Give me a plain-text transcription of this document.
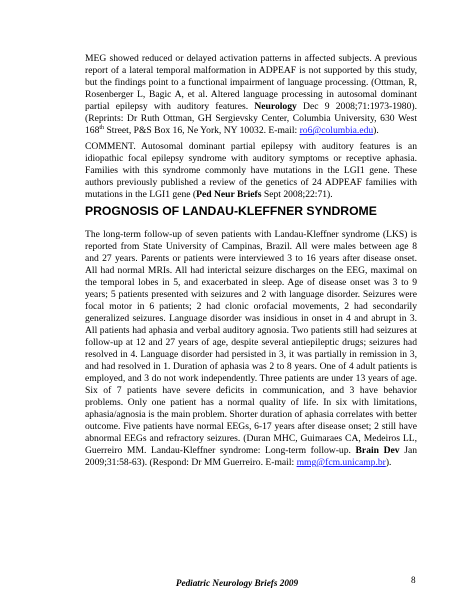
MEG showed reduced or delayed activation patterns in affected subjects. A previous report of a lateral temporal malformation in ADPEAF is not supported by this study, but the findings point to a functional impairment of language processing. (Ottman, R, Rosenberger L, Bagic A, et al. Altered language processing in autosomal dominant partial epilepsy with auditory features. Neurology Dec 9 2008;71:1973-1980). (Reprints: Dr Ruth Ottman, GH Sergievsky Center, Columbia University, 630 West 168th Street, P&S Box 16, Ne York, NY 10032. E-mail: ro6@columbia.edu).

COMMENT. Autosomal dominant partial epilepsy with auditory features is an idiopathic focal epilepsy syndrome with auditory symptoms or receptive aphasia. Families with this syndrome commonly have mutations in the LGI1 gene. These authors previously published a review of the genetics of 24 ADPEAF families with mutations in the LGI1 gene (Ped Neur Briefs Sept 2008;22:71).

PROGNOSIS OF LANDAU-KLEFFNER SYNDROME

The long-term follow-up of seven patients with Landau-Kleffner syndrome (LKS) is reported from State University of Campinas, Brazil. All were males between age 8 and 27 years. Parents or patients were interviewed 3 to 16 years after disease onset. All had normal MRIs. All had interictal seizure discharges on the EEG, maximal on the temporal lobes in 5, and exacerbated in sleep. Age of disease onset was 3 to 9 years; 5 patients presented with seizures and 2 with language disorder. Seizures were focal motor in 6 patients; 2 had clonic orofacial movements, 2 had secondarily generalized seizures. Language disorder was insidious in onset in 4 and abrupt in 3. All patients had aphasia and verbal auditory agnosia. Two patients still had seizures at follow-up at 12 and 27 years of age, despite several antiepileptic drugs; seizures had resolved in 4. Language disorder had persisted in 3, it was partially in remission in 3, and had resolved in 1. Duration of aphasia was 2 to 8 years. One of 4 adult patients is employed, and 3 do not work independently. Three patients are under 13 years of age. Six of 7 patients have severe deficits in communication, and 3 have behavior problems. Only one patient has a normal quality of life. In six with limitations, aphasia/agnosia is the main problem. Shorter duration of aphasia correlates with better outcome. Five patients have normal EEGs, 6-17 years after disease onset; 2 still have abnormal EEGs and refractory seizures. (Duran MHC, Guimaraes CA, Medeiros LL, Guerreiro MM. Landau-Kleffner syndrome: Long-term follow-up. Brain Dev Jan 2009;31:58-63). (Respond: Dr MM Guerreiro. E-mail: mmg@fcm.unicamp.br).

Pediatric Neurology Briefs 2009	8
